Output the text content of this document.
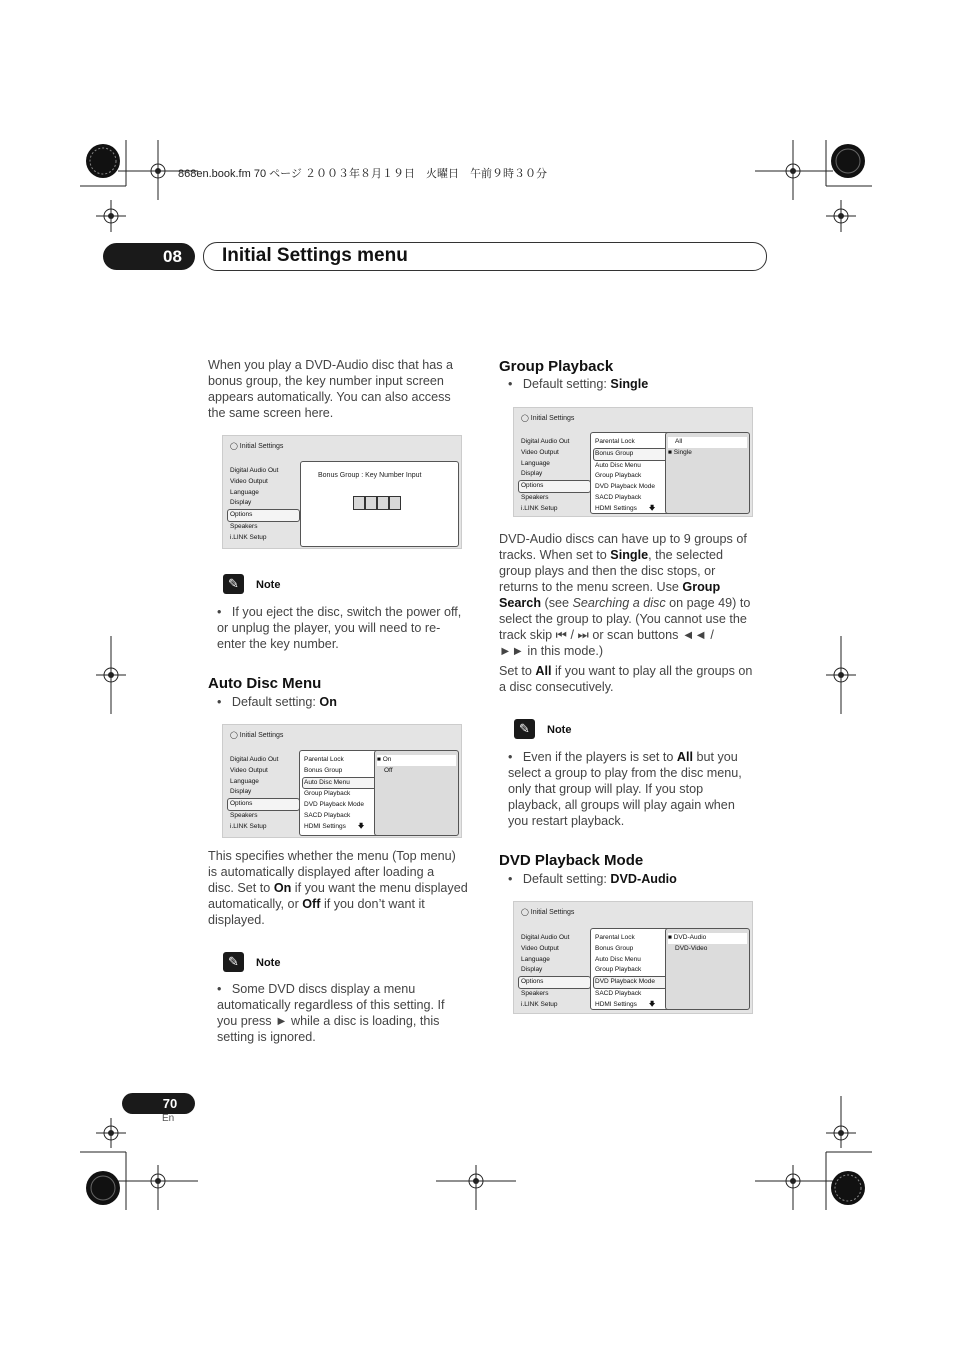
868en.book.fm 70 ページ ２００３年８月１９日　火曜日　午前９時３０分
08	Initial Settings menu
When you play a DVD-Audio disc that has a
bonus group, the key number input screen
appears automatically. You can also access
the same screen here.
◯ Initial Settings
Digital Audio Out
Video Output
Language
Display
Options
Speakers
i.LINK Setup
Bonus Group : Key Number Input
✎	Note
•   If you eject the disc, switch the power off,
or unplug the player, you will need to re-
enter the key number.
Auto Disc Menu
•   Default setting: On
◯ Initial Settings
Digital Audio Out
Video Output
Language
Display
Options
Speakers
i.LINK Setup
Parental Lock
Bonus Group
Auto Disc Menu
Group Playback
DVD Playback Mode
SACD Playback
HDMI Settings 🡇
■ On
Off
This specifies whether the menu (Top menu)
is automatically displayed after loading a
disc. Set to On if you want the menu displayed
automatically, or Off if you don’t want it
displayed.
✎	Note
•   Some DVD discs display a menu
automatically regardless of this setting. If
you press ► while a disc is loading, this
setting is ignored.
Group Playback
•   Default setting: Single
◯ Initial Settings
Digital Audio Out
Video Output
Language
Display
Options
Speakers
i.LINK Setup
Parental Lock
Bonus Group
Auto Disc Menu
Group Playback
DVD Playback Mode
SACD Playback
HDMI Settings 🡇
All
■ Single
DVD-Audio discs can have up to 9 groups of
tracks. When set to Single, the selected
group plays and then the disc stops, or
returns to the menu screen. Use Group
Search (see Searching a disc on page 49) to
select the group to play. (You cannot use the
track skip ⏮ / ⏭ or scan buttons ◄◄ /
►► in this mode.)
Set to All if you want to play all the groups on
a disc consecutively.
✎	Note
•   Even if the players is set to All but you
select a group to play from the disc menu,
only that group will play. If you stop
playback, all groups will play again when
you restart playback.
DVD Playback Mode
•   Default setting: DVD-Audio
◯ Initial Settings
Digital Audio Out
Video Output
Language
Display
Options
Speakers
i.LINK Setup
Parental Lock
Bonus Group
Auto Disc Menu
Group Playback
DVD Playback Mode
SACD Playback
HDMI Settings 🡇
■ DVD-Audio
DVD-Video
70
En
